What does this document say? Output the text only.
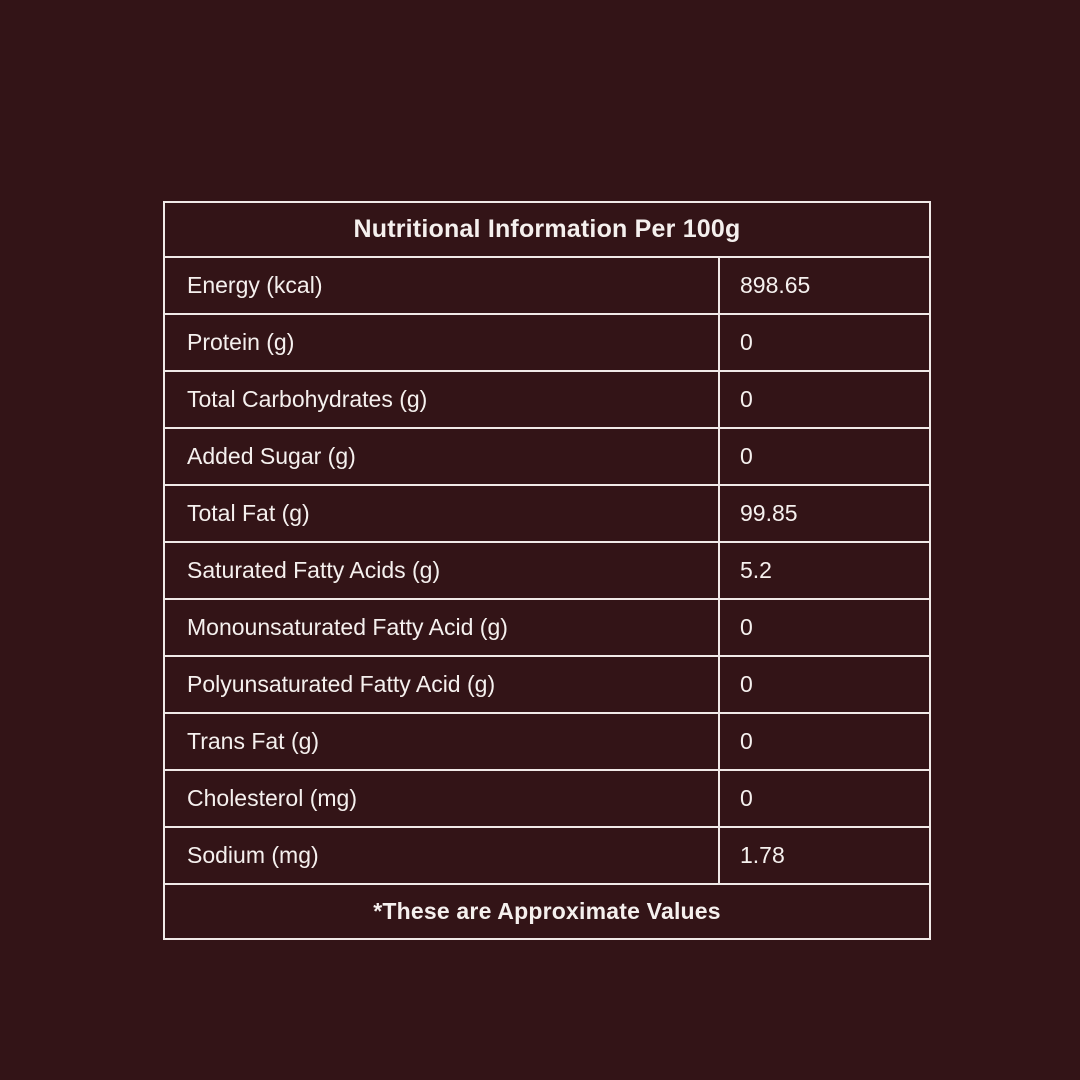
Nutritional Information Per 100g
Energy (kcal)	898.65
Protein (g)	0
Total Carbohydrates (g)	0
Added Sugar (g)	0
Total Fat (g)	99.85
Saturated Fatty Acids (g)	5.2
Monounsaturated Fatty Acid (g)	0
Polyunsaturated Fatty Acid (g)	0
Trans Fat (g)	0
Cholesterol (mg)	0
Sodium (mg)	1.78
*These are Approximate Values
